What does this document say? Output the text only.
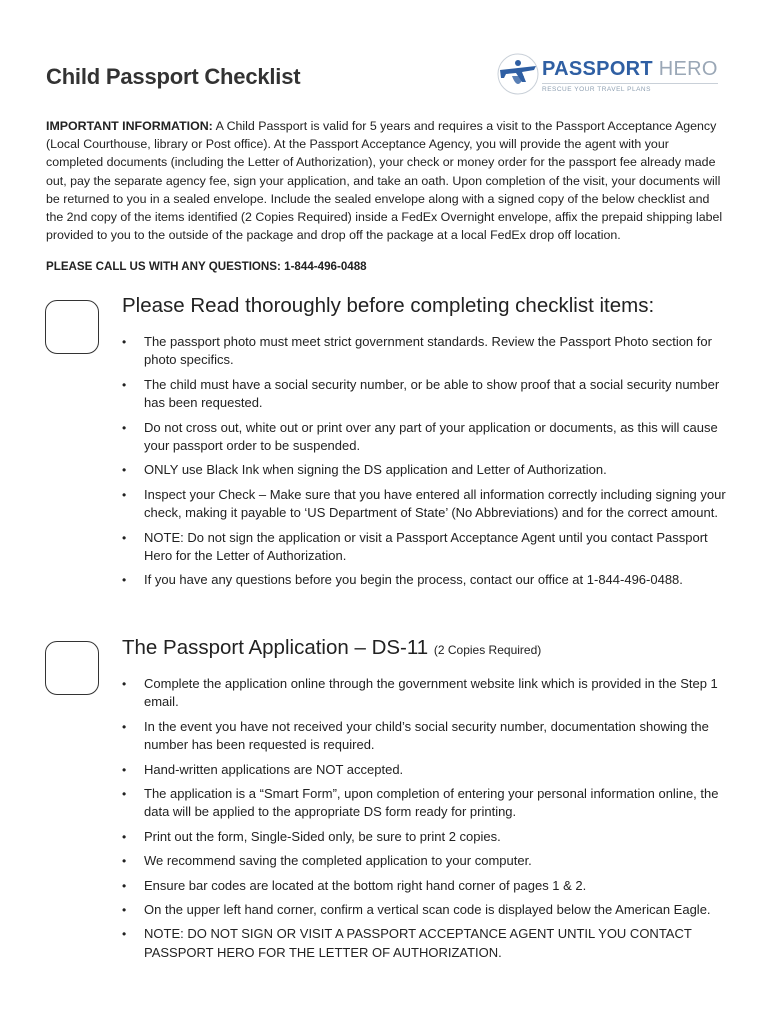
Child Passport Checklist	PASSPORT HERO
RESCUE YOUR TRAVEL PLANS
IMPORTANT INFORMATION: A Child Passport is valid for 5 years and requires a visit to the Passport Acceptance Agency (Local Courthouse, library or Post office). At the Passport Acceptance Agency, you will provide the agent with your completed documents (including the Letter of Authorization), your check or money order for the passport fee already made out, pay the separate agency fee, sign your application, and take an oath. Upon completion of the visit, your documents will be returned to you in a sealed envelope. Include the sealed envelope along with a signed copy of the below checklist and the 2nd copy of the items identified (2 Copies Required) inside a FedEx Overnight envelope, affix the prepaid shipping label provided to you to the outside of the package and drop off the package at a local FedEx drop off location.
PLEASE CALL US WITH ANY QUESTIONS: 1-844-496-0488
Please Read thoroughly before completing checklist items:
• The passport photo must meet strict government standards. Review the Passport Photo section for photo specifics.
• The child must have a social security number, or be able to show proof that a social security number has been requested.
• Do not cross out, white out or print over any part of your application or documents, as this will cause your passport order to be suspended.
• ONLY use Black Ink when signing the DS application and Letter of Authorization.
• Inspect your Check – Make sure that you have entered all information correctly including signing your check, making it payable to ‘US Department of State’ (No Abbreviations) and for the correct amount.
• NOTE: Do not sign the application or visit a Passport Acceptance Agent until you contact Passport Hero for the Letter of Authorization.
• If you have any questions before you begin the process, contact our office at 1-844-496-0488.
The Passport Application – DS-11 (2 Copies Required)
• Complete the application online through the government website link which is provided in the Step 1 email.
• In the event you have not received your child’s social security number, documentation showing the number has been requested is required.
• Hand-written applications are NOT accepted.
• The application is a “Smart Form”, upon completion of entering your personal information online, the data will be applied to the appropriate DS form ready for printing.
• Print out the form, Single-Sided only, be sure to print 2 copies.
• We recommend saving the completed application to your computer.
• Ensure bar codes are located at the bottom right hand corner of pages 1 & 2.
• On the upper left hand corner, confirm a vertical scan code is displayed below the American Eagle.
• NOTE: DO NOT SIGN OR VISIT A PASSPORT ACCEPTANCE AGENT UNTIL YOU CONTACT PASSPORT HERO FOR THE LETTER OF AUTHORIZATION.
